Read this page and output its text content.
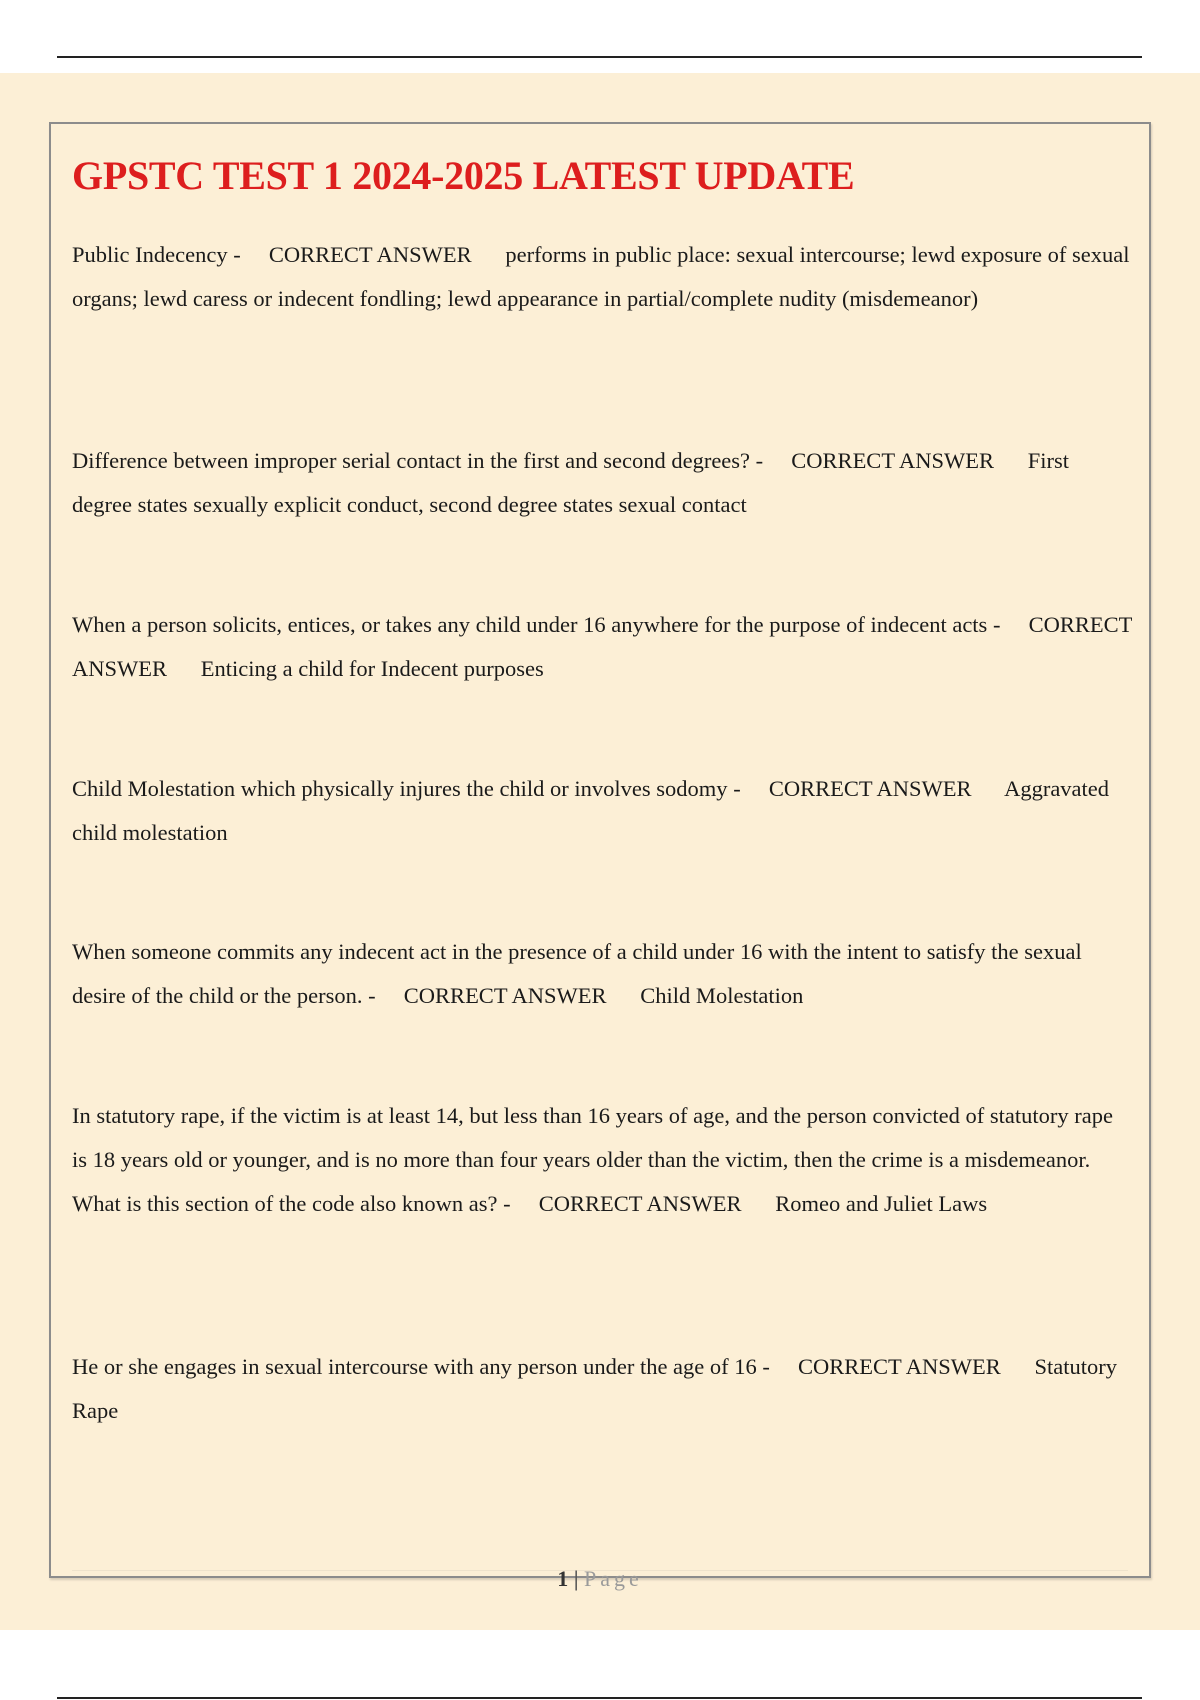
GPSTC TEST 1 2024-2025 LATEST UPDATE

Public Indecency -     CORRECT ANSWER performs in public place: sexual intercourse; lewd exposure of sexual organs; lewd caress or indecent fondling; lewd appearance in partial/complete nudity (misdemeanor)

Difference between improper serial contact in the first and second degrees? -     CORRECT ANSWER First degree states sexually explicit conduct, second degree states sexual contact

When a person solicits, entices, or takes any child under 16 anywhere for the purpose of indecent acts -     CORRECT ANSWER Enticing a child for Indecent purposes

Child Molestation which physically injures the child or involves sodomy -     CORRECT ANSWER Aggravated child molestation

When someone commits any indecent act in the presence of a child under 16 with the intent to satisfy the sexual desire of the child or the person. -     CORRECT ANSWER Child Molestation

In statutory rape, if the victim is at least 14, but less than 16 years of age, and the person convicted of statutory rape is 18 years old or younger, and is no more than four years older than the victim, then the crime is a misdemeanor. What is this section of the code also known as? -     CORRECT ANSWER Romeo and Juliet Laws

He or she engages in sexual intercourse with any person under the age of 16 -     CORRECT ANSWER Statutory Rape

1 | Page
